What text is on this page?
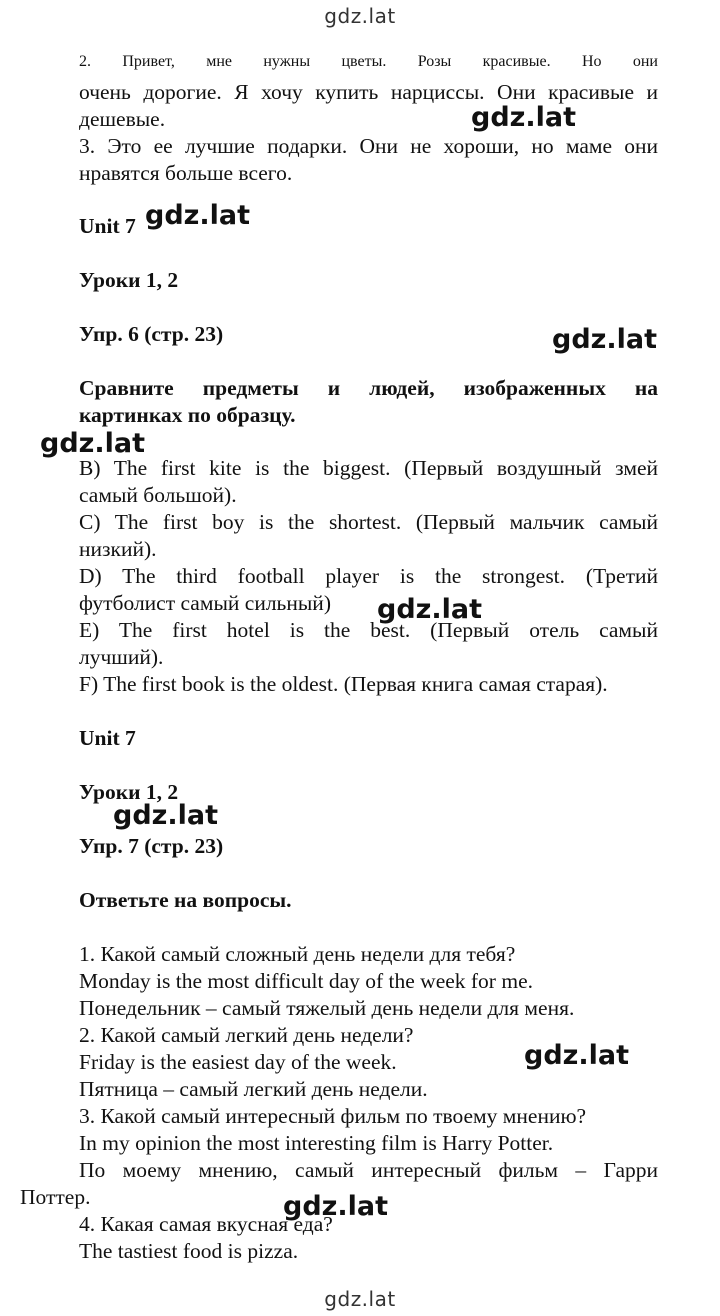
gdz.lat
gdz.lat
gdz.lat
gdz.lat
gdz.lat
gdz.lat
gdz.lat
gdz.lat
gdz.lat
2. Привет, мне нужны цветы. Розы красивые. Но они
очень дорогие. Я хочу купить нарциссы. Они красивые и
дешевые.
3. Это ее лучшие подарки. Они не хороши, но маме они
нравятся больше всего.
Unit 7
Уроки 1, 2
Упр. 6 (стр. 23)
Сравните предметы и людей, изображенных на
картинках по образцу.
B) The first kite is the biggest. (Первый воздушный змей
самый большой).
C) The first boy is the shortest. (Первый мальчик самый
низкий).
D) The third football player is the strongest. (Третий
футболист самый сильный)
E) The first hotel is the best. (Первый отель самый
лучший).
F) The first book is the oldest. (Первая книга самая старая).
Unit 7
Уроки 1, 2
Упр. 7 (стр. 23)
Ответьте на вопросы.
1. Какой самый сложный день недели для тебя?
Monday is the most difficult day of the week for me.
Понедельник – самый тяжелый день недели для меня.
2. Какой самый легкий день недели?
Friday is the easiest day of the week.
Пятница – самый легкий день недели.
3. Какой самый интересный фильм по твоему мнению?
In my opinion the most interesting film is Harry Potter.
По моему мнению, самый интересный фильм – Гарри
Поттер.
4. Какая самая вкусная еда?
The tastiest food is pizza.
gdz.lat
